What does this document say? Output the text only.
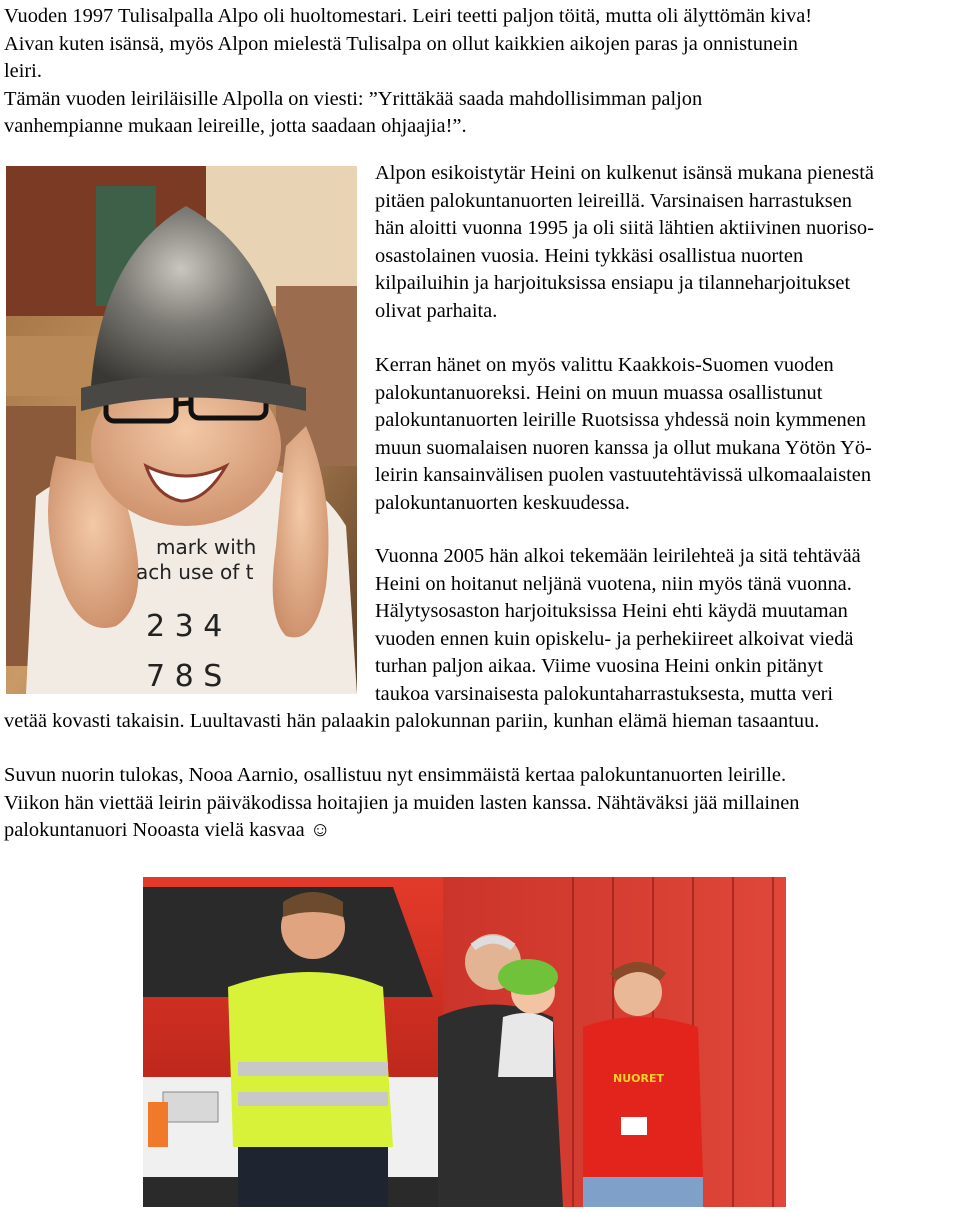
Vuoden 1997 Tulisalpalla Alpo oli huoltomestari. Leiri teetti paljon töitä, mutta oli älyttömän kiva!
Aivan kuten isänsä, myös Alpon mielestä Tulisalpa on ollut kaikkien aikojen paras ja onnistunein
leiri.
Tämän vuoden leiriläisille Alpolla on viesti: ”Yrittäkää saada mahdollisimman paljon
vanhempianne mukaan leireille, jotta saadaan ohjaajia!”.
mark with
ach use of t
2 3 4
7 8 S
Alpon esikoistytär Heini on kulkenut isänsä mukana pienestä
pitäen palokuntanuorten leireillä. Varsinaisen harrastuksen
hän aloitti vuonna 1995 ja oli siitä lähtien aktiivinen nuoriso-
osastolainen vuosia. Heini tykkäsi osallistua nuorten
kilpailuihin ja harjoituksissa ensiapu ja tilanneharjoitukset
olivat parhaita.
Kerran hänet on myös valittu Kaakkois-Suomen vuoden
palokuntanuoreksi. Heini on muun muassa osallistunut
palokuntanuorten leirille Ruotsissa yhdessä noin kymmenen
muun suomalaisen nuoren kanssa ja ollut mukana Yötön Yö-
leirin kansainvälisen puolen vastuutehtävissä ulkomaalaisten
palokuntanuorten keskuudessa.
Vuonna 2005 hän alkoi tekemään leirilehteä ja sitä tehtävää
Heini on hoitanut neljänä vuotena, niin myös tänä vuonna.
Hälytysosaston harjoituksissa Heini ehti käydä muutaman
vuoden ennen kuin opiskelu- ja perhekiireet alkoivat viedä
turhan paljon aikaa. Viime vuosina Heini onkin pitänyt
taukoa varsinaisesta palokuntaharrastuksesta, mutta veri
vetää kovasti takaisin. Luultavasti hän palaakin palokunnan pariin, kunhan elämä hieman tasaantuu.
Suvun nuorin tulokas, Nooa Aarnio, osallistuu nyt ensimmäistä kertaa palokuntanuorten leirille.
Viikon hän viettää leirin päiväkodissa hoitajien ja muiden lasten kanssa. Nähtäväksi jää millainen
palokuntanuori Nooasta vielä kasvaa ☺
NUORET
